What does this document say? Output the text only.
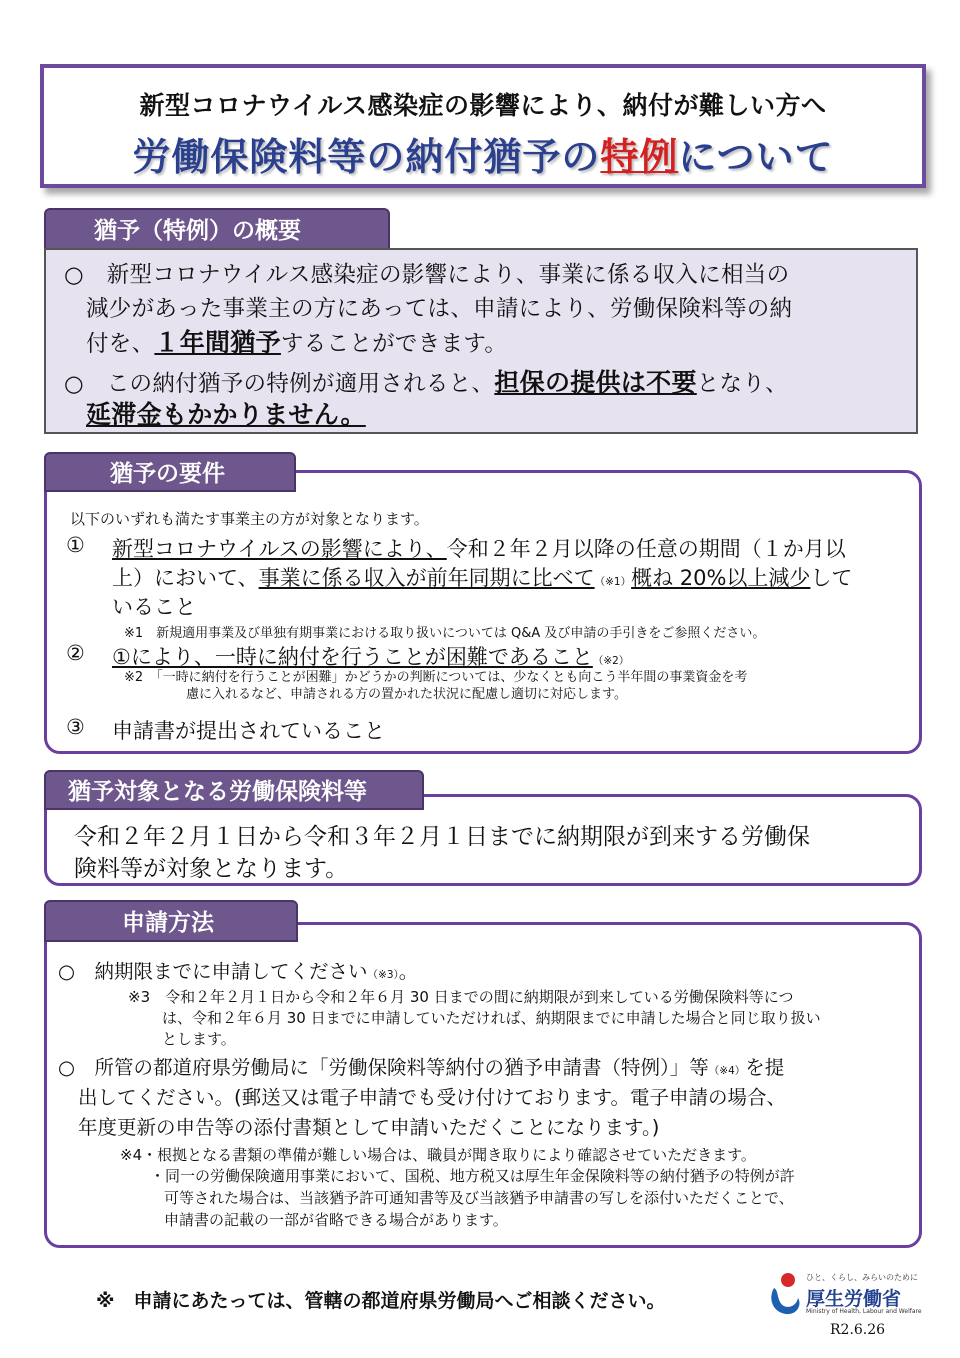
新型コロナウイルス感染症の影響により、納付が難しい方へ
労働保険料等の納付猶予の特例について
猶予（特例）の概要
○　新型コロナウイルス感染症の影響により、事業に係る収入に相当の
減少があった事業主の方にあっては、申請により、労働保険料等の納
付を、１年間猶予することができます。
○　この納付猶予の特例が適用されると、担保の提供は不要となり、
延滞金もかかりません。
猶予の要件
以下のいずれも満たす事業主の方が対象となります。
① 新型コロナウイルスの影響により、令和２年２月以降の任意の期間（１か月以
上）において、事業に係る収入が前年同期に比べて（※1）概ね 20%以上減少して
いること
※1　新規適用事業及び単独有期事業における取り扱いについては Q&A 及び申請の手引きをご参照ください。
② ①により、一時に納付を行うことが困難であること（※2）
※2　「一時に納付を行うことが困難」かどうかの判断については、少なくとも向こう半年間の事業資金を考
慮に入れるなど、申請される方の置かれた状況に配慮し適切に対応します。
③ 申請書が提出されていること
猶予対象となる労働保険料等
令和２年２月１日から令和３年２月１日までに納期限が到来する労働保
険料等が対象となります。
申請方法
○　納期限までに申請してください（※3）。
※3　令和２年２月１日から令和２年６月 30 日までの間に納期限が到来している労働保険料等につ
は、令和２年６月 30 日までに申請していただければ、納期限までに申請した場合と同じ取り扱い
とします。
○　所管の都道府県労働局に「労働保険料等納付の猶予申請書（特例）」等（※4）を提
出してください。(郵送又は電子申請でも受け付けております。電子申請の場合、
年度更新の申告等の添付書類として申請いただくことになります。)
※4・根拠となる書類の準備が難しい場合は、職員が聞き取りにより確認させていただきます。
・同一の労働保険適用事業において、国税、地方税又は厚生年金保険料等の納付猶予の特例が許
可等された場合は、当該猶予許可通知書等及び当該猶予申請書の写しを添付いただくことで、
申請書の記載の一部が省略できる場合があります。
※　申請にあたっては、管轄の都道府県労働局へご相談ください。
ひと、くらし、みらいのために
厚生労働省
Ministry of Health, Labour and Welfare
R2.6.26
